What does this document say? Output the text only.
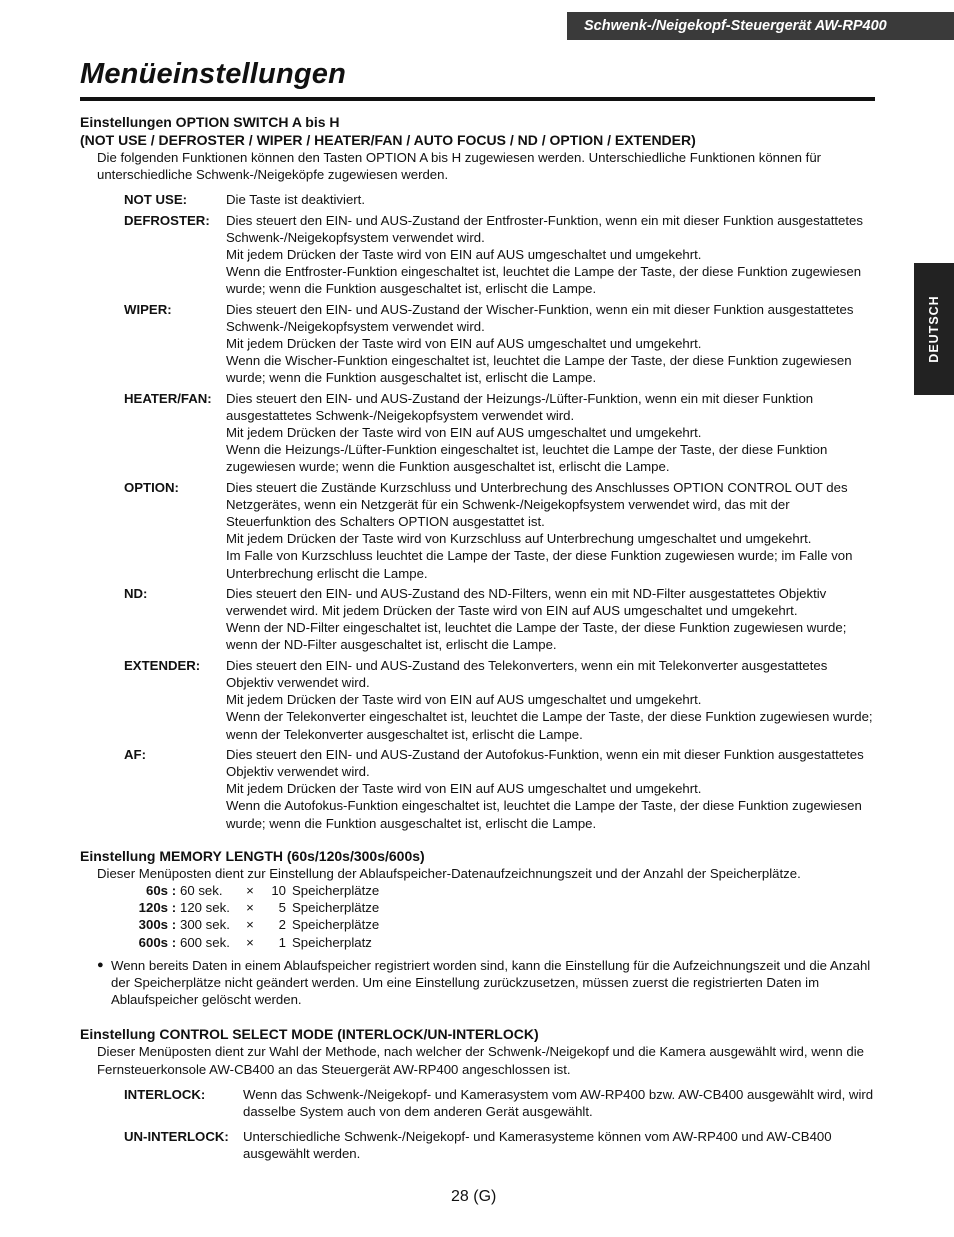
Schwenk-/Neigekopf-Steuergerät AW-RP400
Menüeinstellungen
DEUTSCH
Einstellungen OPTION SWITCH A bis H
(NOT USE / DEFROSTER / WIPER / HEATER/FAN / AUTO FOCUS / ND / OPTION / EXTENDER)

Die folgenden Funktionen können den Tasten OPTION A bis H zugewiesen werden. Unterschiedliche Funktionen können für unterschiedliche Schwenk-/Neigeköpfe zugewiesen werden.

NOT USE:	Die Taste ist deaktiviert.

DEFROSTER:	Dies steuert den EIN- und AUS-Zustand der Entfroster-Funktion, wenn ein mit dieser Funktion ausgestattetes Schwenk-/Neigekopfsystem verwendet wird.

Mit jedem Drücken der Taste wird von EIN auf AUS umgeschaltet und umgekehrt.

Wenn die Entfroster-Funktion eingeschaltet ist, leuchtet die Lampe der Taste, der diese Funktion zugewiesen wurde; wenn die Funktion ausgeschaltet ist, erlischt die Lampe.

WIPER:	Dies steuert den EIN- und AUS-Zustand der Wischer-Funktion, wenn ein mit dieser Funktion ausgestattetes Schwenk-/Neigekopfsystem verwendet wird.

Mit jedem Drücken der Taste wird von EIN auf AUS umgeschaltet und umgekehrt.

Wenn die Wischer-Funktion eingeschaltet ist, leuchtet die Lampe der Taste, der diese Funktion zugewiesen wurde; wenn die Funktion ausgeschaltet ist, erlischt die Lampe.

HEATER/FAN:	Dies steuert den EIN- und AUS-Zustand der Heizungs-/Lüfter-Funktion, wenn ein mit dieser Funktion ausgestattetes Schwenk-/Neigekopfsystem verwendet wird.

Mit jedem Drücken der Taste wird von EIN auf AUS umgeschaltet und umgekehrt.

Wenn die Heizungs-/Lüfter-Funktion eingeschaltet ist, leuchtet die Lampe der Taste, der diese Funktion zugewiesen wurde; wenn die Funktion ausgeschaltet ist, erlischt die Lampe.

OPTION:	Dies steuert die Zustände Kurzschluss und Unterbrechung des Anschlusses OPTION CONTROL OUT des Netzgerätes, wenn ein Netzgerät für ein Schwenk-/Neigekopfsystem verwendet wird, das mit der Steuerfunktion des Schalters OPTION ausgestattet ist.

Mit jedem Drücken der Taste wird von Kurzschluss auf Unterbrechung umgeschaltet und umgekehrt.

Im Falle von Kurzschluss leuchtet die Lampe der Taste, der diese Funktion zugewiesen wurde; im Falle von Unterbrechung erlischt die Lampe.

ND:	Dies steuert den EIN- und AUS-Zustand des ND-Filters, wenn ein mit ND-Filter ausgestattetes Objektiv verwendet wird. Mit jedem Drücken der Taste wird von EIN auf AUS umgeschaltet und umgekehrt.

Wenn der ND-Filter eingeschaltet ist, leuchtet die Lampe der Taste, der diese Funktion zugewiesen wurde; wenn der ND-Filter ausgeschaltet ist, erlischt die Lampe.

EXTENDER:	Dies steuert den EIN- und AUS-Zustand des Telekonverters, wenn ein mit Telekonverter ausgestattetes Objektiv verwendet wird.

Mit jedem Drücken der Taste wird von EIN auf AUS umgeschaltet und umgekehrt.

Wenn der Telekonverter eingeschaltet ist, leuchtet die Lampe der Taste, der diese Funktion zugewiesen wurde; wenn der Telekonverter ausgeschaltet ist, erlischt die Lampe.

AF:	Dies steuert den EIN- und AUS-Zustand der Autofokus-Funktion, wenn ein mit dieser Funktion ausgestattetes Objektiv verwendet wird.

Mit jedem Drücken der Taste wird von EIN auf AUS umgeschaltet und umgekehrt.

Wenn die Autofokus-Funktion eingeschaltet ist, leuchtet die Lampe der Taste, der diese Funktion zugewiesen wurde; wenn die Funktion ausgeschaltet ist, erlischt die Lampe.

Einstellung MEMORY LENGTH (60s/120s/300s/600s)

Dieser Menüposten dient zur Einstellung der Ablaufspeicher-Datenaufzeichnungszeit und der Anzahl der Speicherplätze.

60s : 60 sek.	×	10 Speicherplätze
120s : 120 sek.	×	5 Speicherplätze
300s : 300 sek.	×	2 Speicherplätze
600s : 600 sek.	×	1 Speicherplatz
● Wenn bereits Daten in einem Ablaufspeicher registriert worden sind, kann die Einstellung für die Aufzeichnungszeit und die Anzahl der Speicherplätze nicht geändert werden. Um eine Einstellung zurückzusetzen, müssen zuerst die registrierten Daten im Ablaufspeicher gelöscht werden.
Einstellung CONTROL SELECT MODE (INTERLOCK/UN-INTERLOCK)

Dieser Menüposten dient zur Wahl der Methode, nach welcher der Schwenk-/Neigekopf und die Kamera ausgewählt wird, wenn die Fernsteuerkonsole AW-CB400 an das Steuergerät AW-RP400 angeschlossen ist.

INTERLOCK:	Wenn das Schwenk-/Neigekopf- und Kamerasystem vom AW-RP400 bzw. AW-CB400 ausgewählt wird, wird dasselbe System auch von dem anderen Gerät ausgewählt.
UN-INTERLOCK:	Unterschiedliche Schwenk-/Neigekopf- und Kamerasysteme können vom AW-RP400 und AW-CB400 ausgewählt werden.
28 (G)
